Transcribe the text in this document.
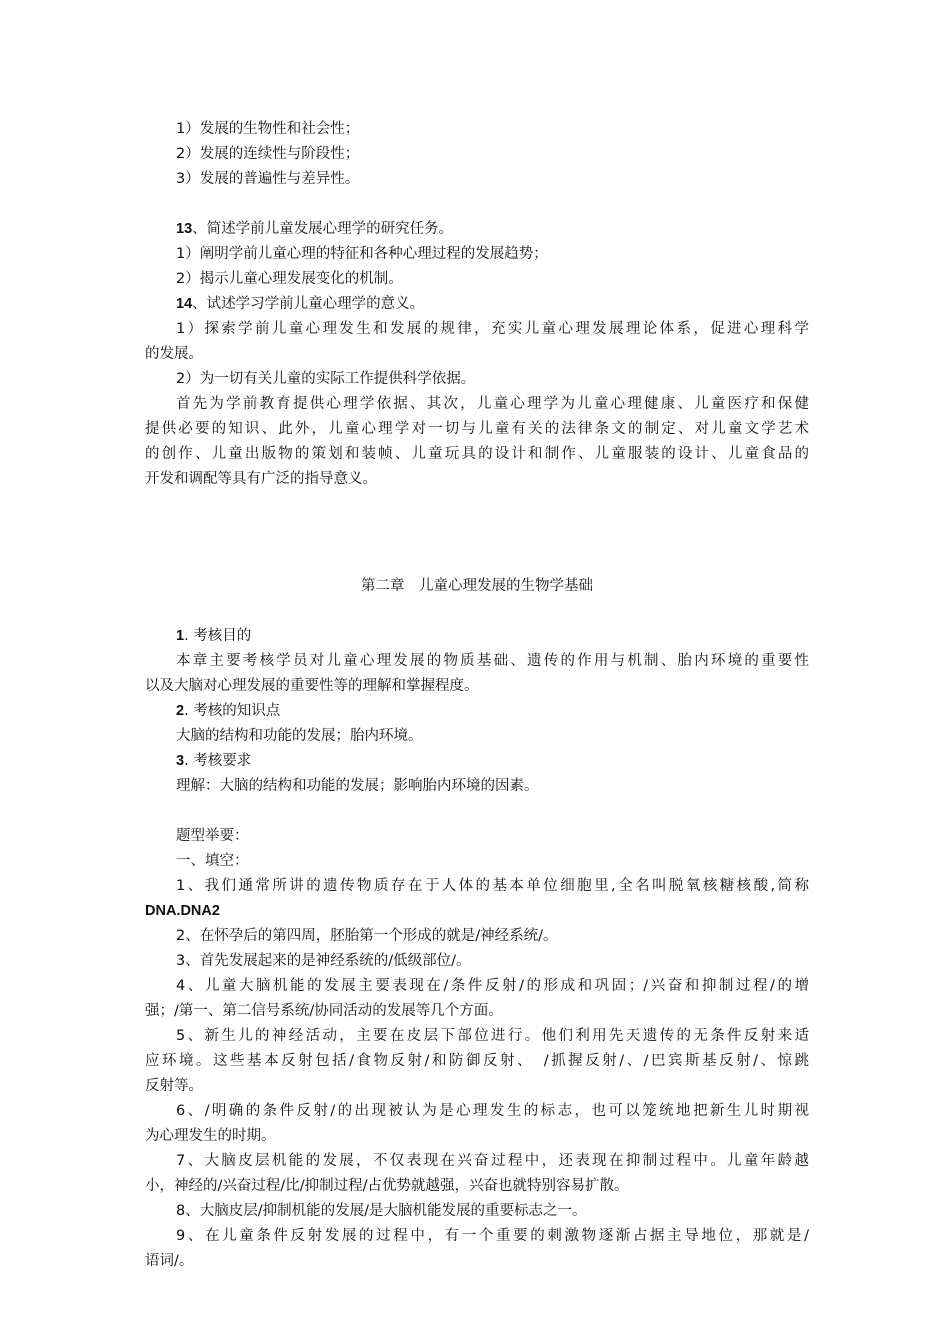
1）发展的生物性和社会性；
2）发展的连续性与阶段性；
3）发展的普遍性与差异性。
13、简述学前儿童发展心理学的研究任务。
1）阐明学前儿童心理的特征和各种心理过程的发展趋势；
2）揭示儿童心理发展变化的机制。
14、试述学习学前儿童心理学的意义。
1）探索学前儿童心理发生和发展的规律，充实儿童心理发展理论体系，促进心理科学
的发展。
2）为一切有关儿童的实际工作提供科学依据。
首先为学前教育提供心理学依据、其次，儿童心理学为儿童心理健康、儿童医疗和保健
提供必要的知识、此外，儿童心理学对一切与儿童有关的法律条文的制定、对儿童文学艺术
的创作、儿童出版物的策划和装帧、儿童玩具的设计和制作、儿童服装的设计、儿童食品的
开发和调配等具有广泛的指导意义。
第二章　儿童心理发展的生物学基础
1. 考核目的
本章主要考核学员对儿童心理发展的物质基础、遗传的作用与机制、胎内环境的重要性
以及大脑对心理发展的重要性等的理解和掌握程度。
2. 考核的知识点
大脑的结构和功能的发展；胎内环境。
3. 考核要求
理解：大脑的结构和功能的发展；影响胎内环境的因素。
题型举要：
一、填空：
1、我们通常所讲的遗传物质存在于人体的基本单位细胞里,全名叫脱氧核糖核酸,简称
DNA.DNA2
2、在怀孕后的第四周，胚胎第一个形成的就是/神经系统/。
3、首先发展起来的是神经系统的/低级部位/。
4、儿童大脑机能的发展主要表现在/条件反射/的形成和巩固；/兴奋和抑制过程/的增
强；/第一、第二信号系统/协同活动的发展等几个方面。
5、新生儿的神经活动，主要在皮层下部位进行。他们利用先天遗传的无条件反射来适
应环境。这些基本反射包括/食物反射/和防御反射、　/抓握反射/、/巴宾斯基反射/、惊跳
反射等。
6、/明确的条件反射/的出现被认为是心理发生的标志，也可以笼统地把新生儿时期视
为心理发生的时期。
7、大脑皮层机能的发展，不仅表现在兴奋过程中，还表现在抑制过程中。儿童年龄越
小，神经的/兴奋过程/比/抑制过程/占优势就越强，兴奋也就特别容易扩散。
8、大脑皮层/抑制机能的发展/是大脑机能发展的重要标志之一。
9、在儿童条件反射发展的过程中，有一个重要的刺激物逐渐占据主导地位，那就是/
语词/。
